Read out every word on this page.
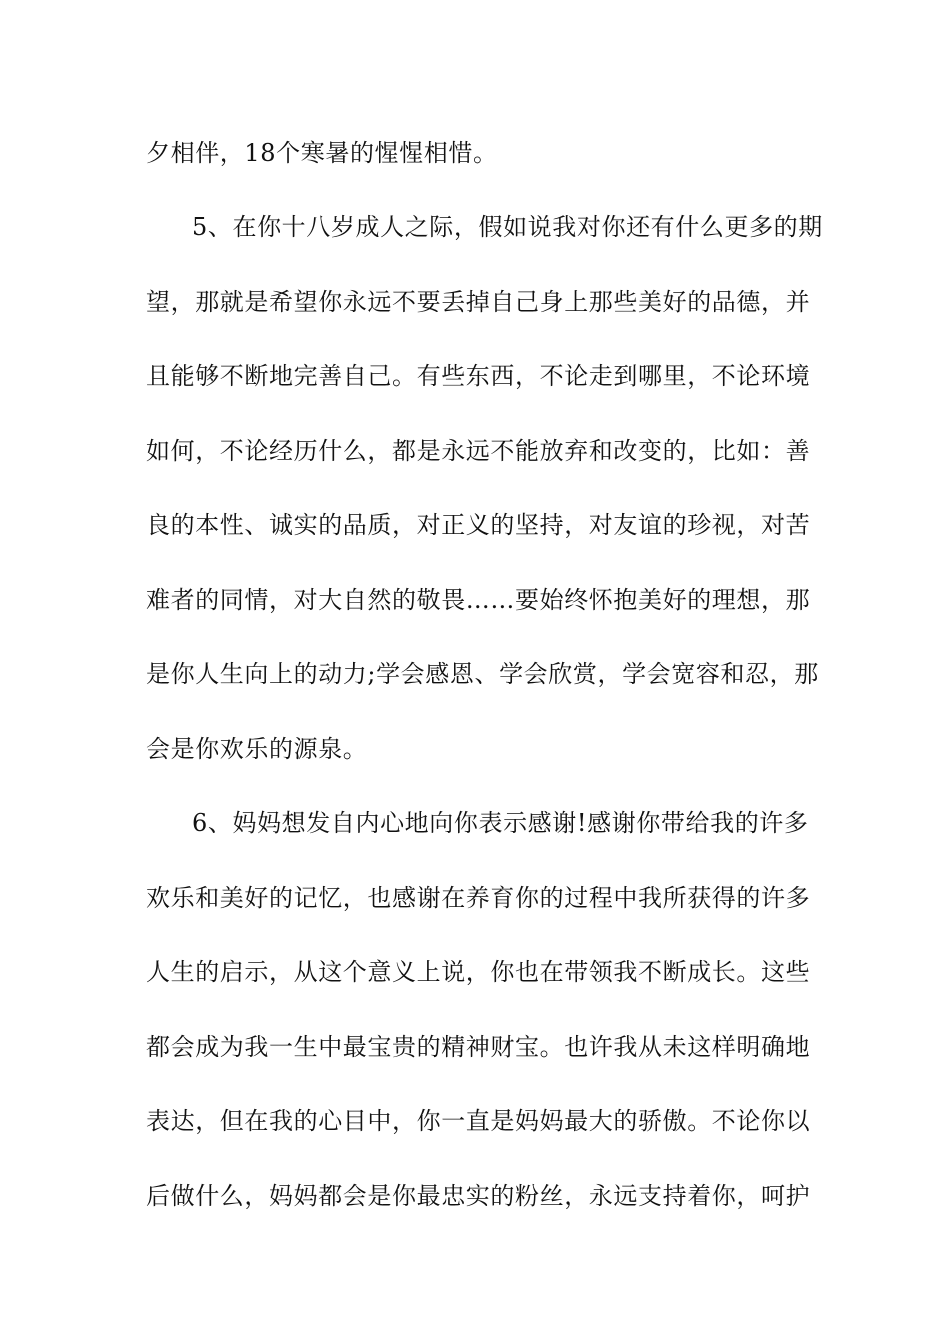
夕相伴，18个寒暑的惺惺相惜。
5、在你十八岁成人之际，假如说我对你还有什么更多的期
望，那就是希望你永远不要丢掉自己身上那些美好的品德，并
且能够不断地完善自己。有些东西，不论走到哪里，不论环境
如何，不论经历什么，都是永远不能放弃和改变的，比如：善
良的本性、诚实的品质，对正义的坚持，对友谊的珍视，对苦
难者的同情，对大自然的敬畏……要始终怀抱美好的理想，那
是你人生向上的动力;学会感恩、学会欣赏，学会宽容和忍，那
会是你欢乐的源泉。
6、妈妈想发自内心地向你表示感谢!感谢你带给我的许多
欢乐和美好的记忆，也感谢在养育你的过程中我所获得的许多
人生的启示，从这个意义上说，你也在带领我不断成长。这些
都会成为我一生中最宝贵的精神财宝。也许我从未这样明确地
表达，但在我的心目中，你一直是妈妈最大的骄傲。不论你以
后做什么，妈妈都会是你最忠实的粉丝，永远支持着你，呵护
